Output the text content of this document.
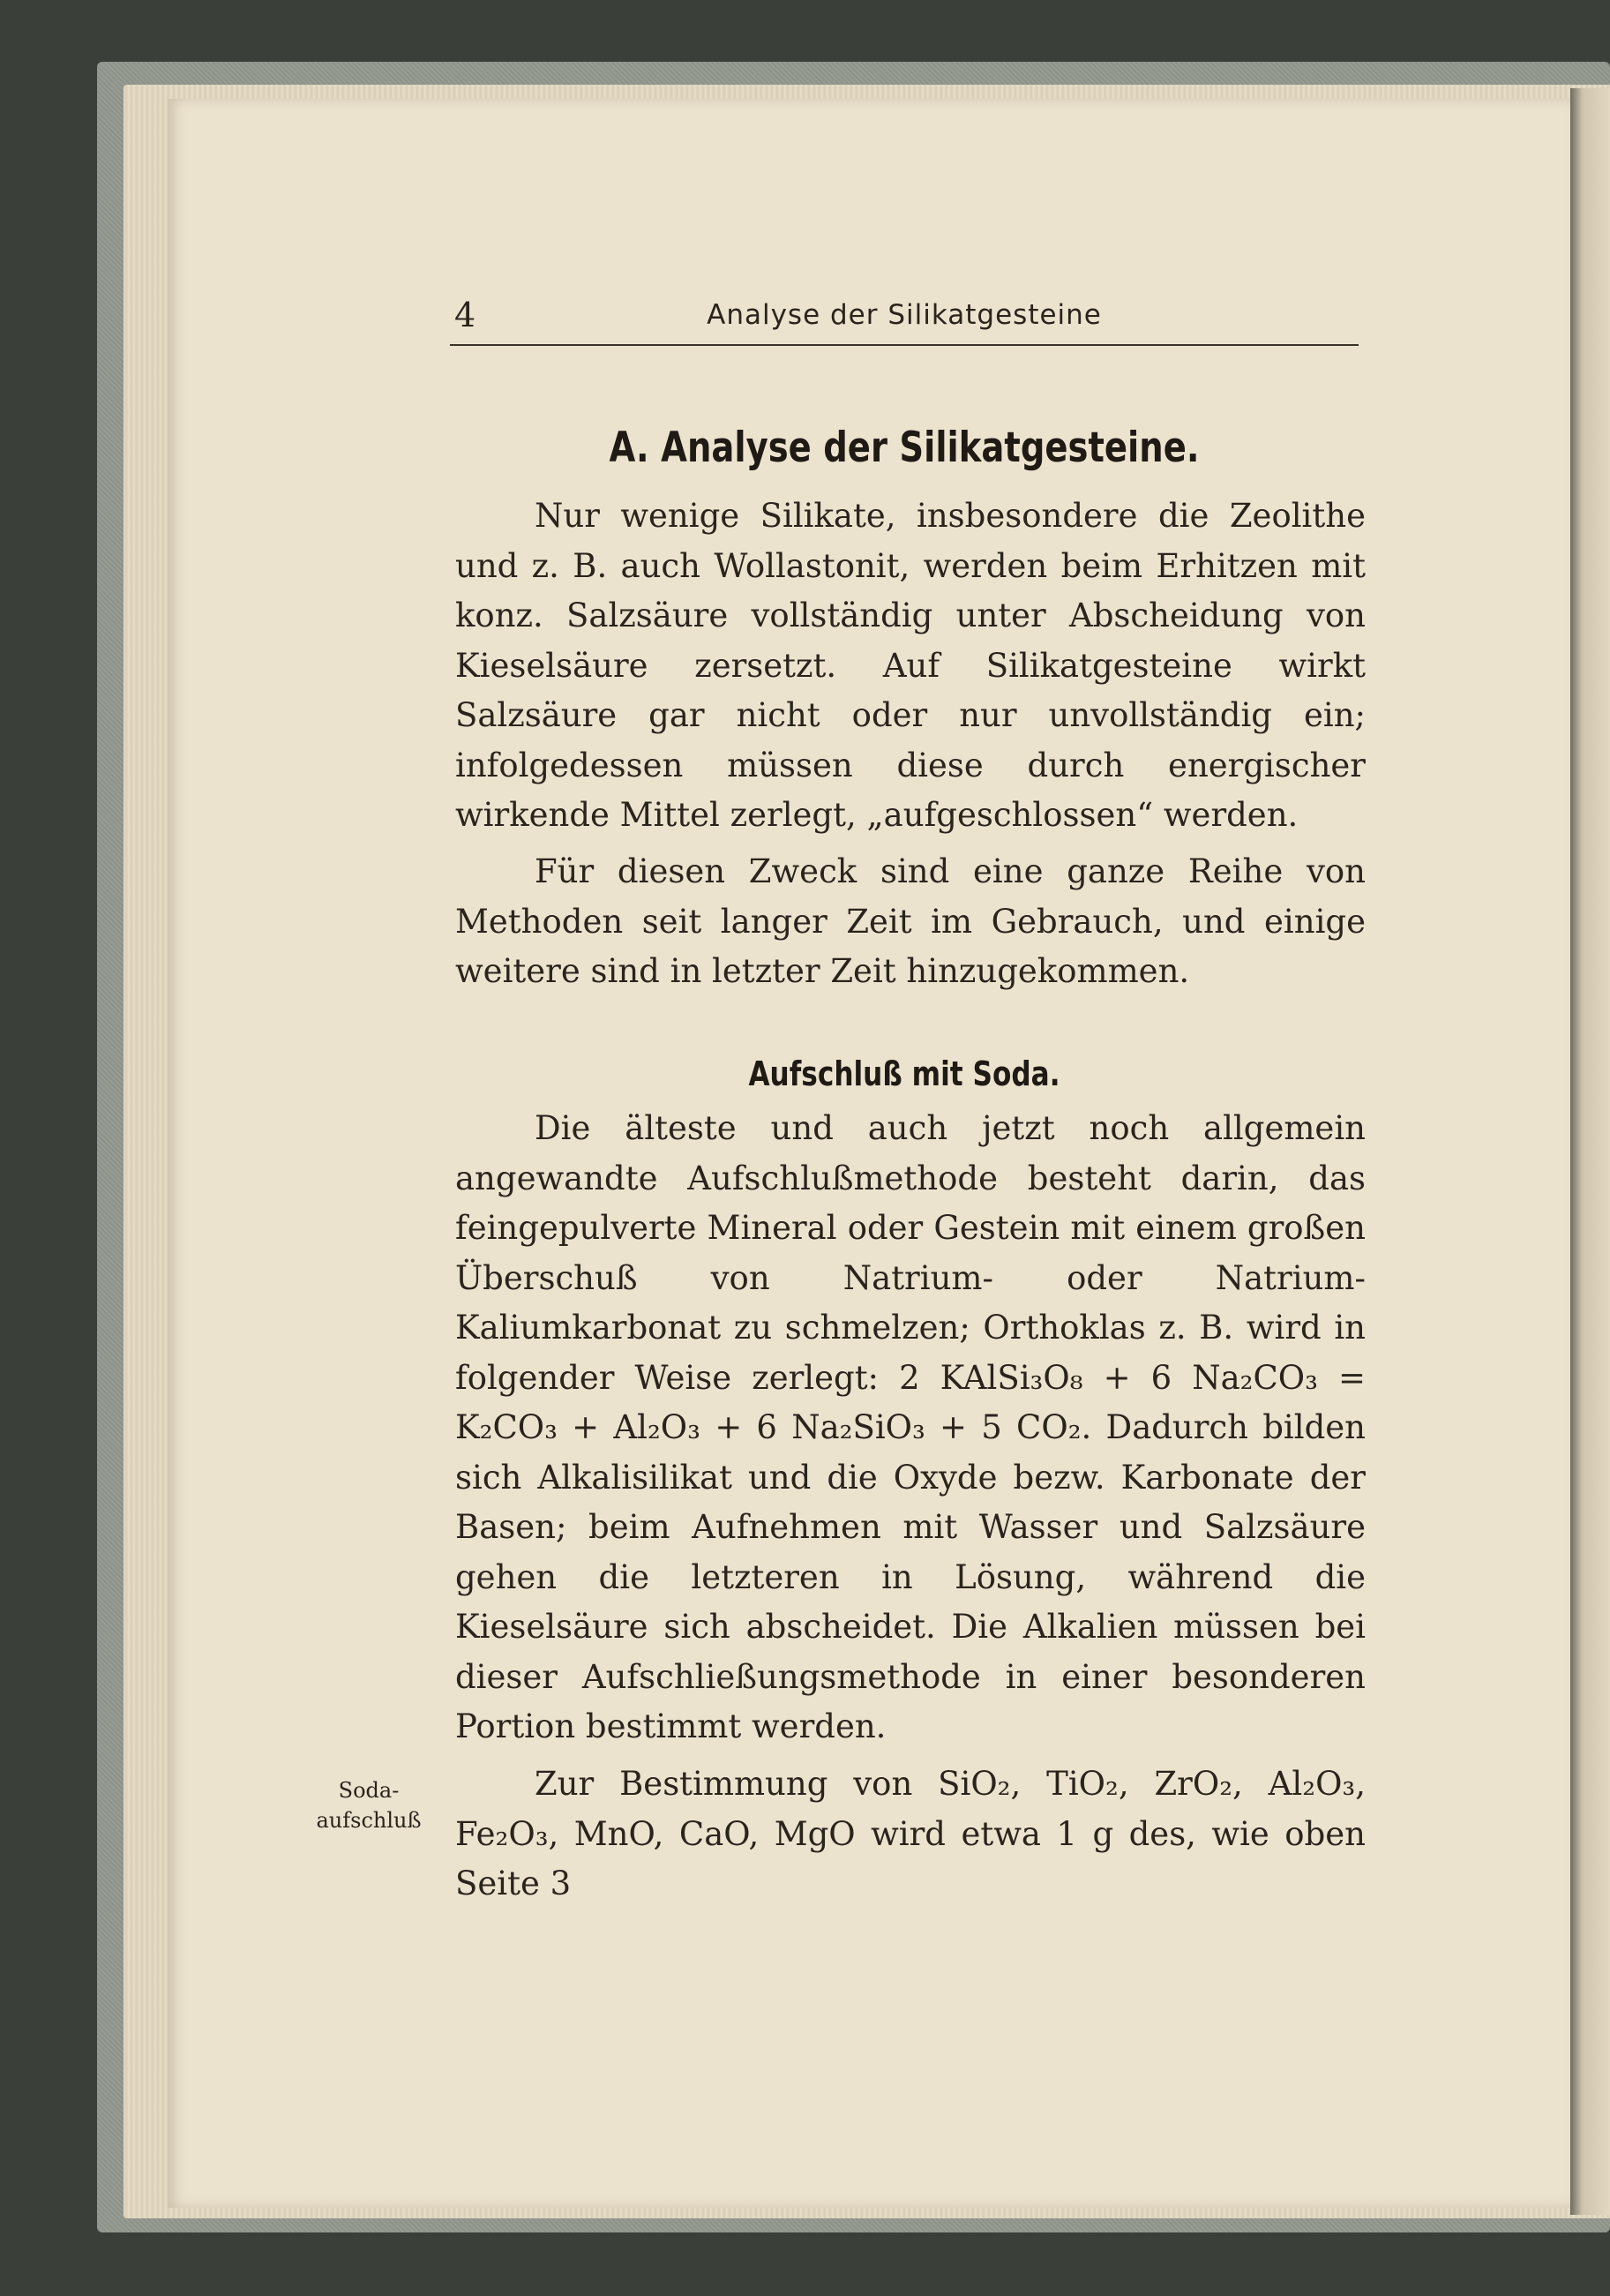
4	Analyse der Silikatgesteine
A. Analyse der Silikatgesteine.

Nur wenige Silikate, insbesondere die Zeolithe und z. B. auch Wollastonit, werden beim Erhitzen mit konz. Salzsäure vollständig unter Abscheidung von Kieselsäure zersetzt. Auf Silikatgesteine wirkt Salzsäure gar nicht oder nur unvollständig ein; infolgedessen müssen diese durch energischer wirkende Mittel zerlegt, „aufgeschlossen“ werden.

Für diesen Zweck sind eine ganze Reihe von Methoden seit langer Zeit im Gebrauch, und einige weitere sind in letzter Zeit hinzugekommen.

Aufschluß mit Soda.

Die älteste und auch jetzt noch allgemein angewandte Aufschlußmethode besteht darin, das feingepulverte Mineral oder Gestein mit einem großen Überschuß von Natrium- oder Natrium-Kaliumkarbonat zu schmelzen; Orthoklas z. B. wird in folgender Weise zerlegt: 2 KAlSi₃O₈ + 6 Na₂CO₃ = K₂CO₃ + Al₂O₃ + 6 Na₂SiO₃ + 5 CO₂. Dadurch bilden sich Alkalisilikat und die Oxyde bezw. Karbonate der Basen; beim Aufnehmen mit Wasser und Salzsäure gehen die letzteren in Lösung, während die Kieselsäure sich abscheidet. Die Alkalien müssen bei dieser Aufschließungsmethode in einer besonderen Portion bestimmt werden.

Soda-
aufschluß

Zur Bestimmung von SiO₂, TiO₂, ZrO₂, Al₂O₃, Fe₂O₃, MnO, CaO, MgO wird etwa 1 g des, wie oben Seite 3
